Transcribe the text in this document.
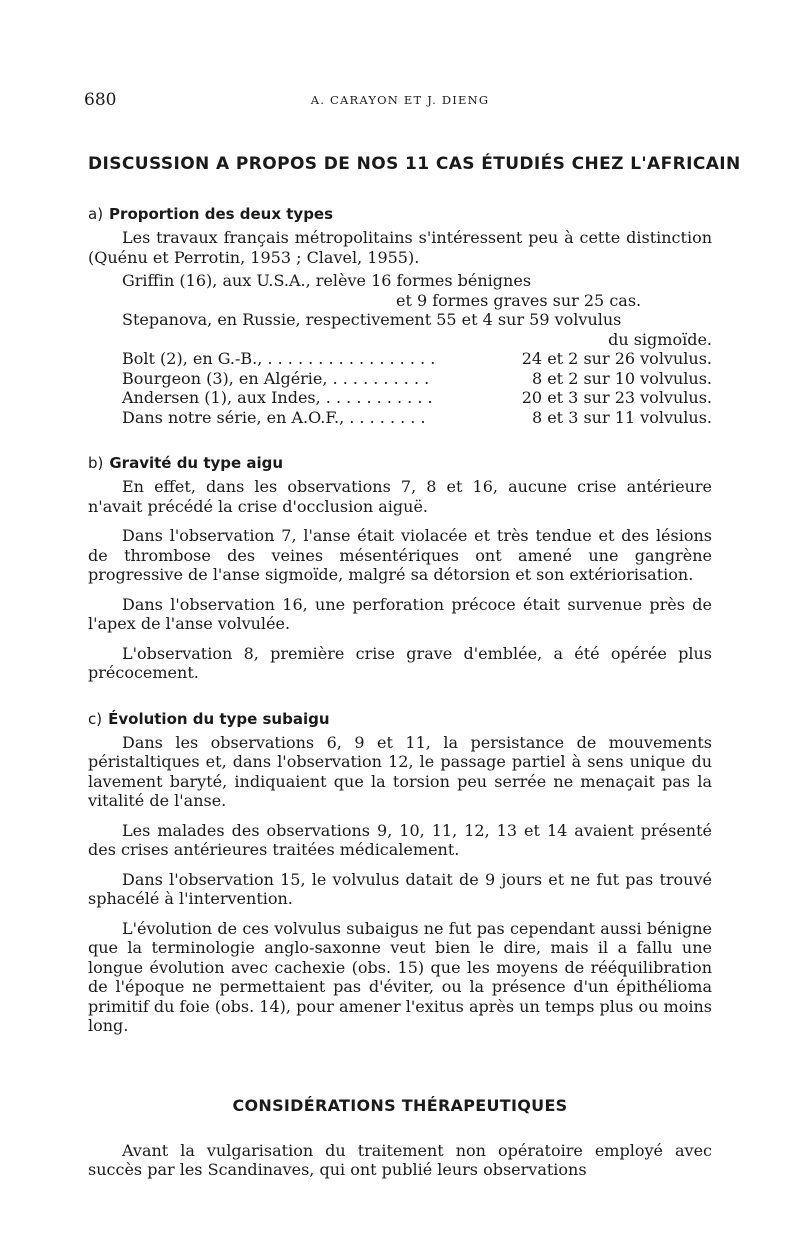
680	A. CARAYON ET J. DIENG
DISCUSSION A PROPOS DE NOS 11 CAS ÉTUDIÉS CHEZ L'AFRICAIN
a) Proportion des deux types

Les travaux français métropolitains s'intéressent peu à cette distinction (Quénu et Perrotin, 1953 ; Clavel, 1955).

Griffin (16), aux U.S.A., relève 16 formes bénignes
et 9 formes graves sur 25 cas.
Stepanova, en Russie, respectivement 55 et 4 sur 59 volvulus
du sigmoïde.
Bolt (2), en G.-B., . . . . . . . . . . . . . . . . .	24 et 2 sur 26 volvulus.
Bourgeon (3), en Algérie, . . . . . . . . . .	8 et 2 sur 10 volvulus.
Andersen (1), aux Indes, . . . . . . . . . . .	20 et 3 sur 23 volvulus.
Dans notre série, en A.O.F., . . . . . . . .	8 et 3 sur 11 volvulus.
b) Gravité du type aigu

En effet, dans les observations 7, 8 et 16, aucune crise antérieure n'avait précédé la crise d'occlusion aiguë.

Dans l'observation 7, l'anse était violacée et très tendue et des lésions de thrombose des veines mésentériques ont amené une gangrène progressive de l'anse sigmoïde, malgré sa détorsion et son extériorisation.

Dans l'observation 16, une perforation précoce était survenue près de l'apex de l'anse volvulée.

L'observation 8, première crise grave d'emblée, a été opérée plus précocement.

c) Évolution du type subaigu

Dans les observations 6, 9 et 11, la persistance de mouvements péristaltiques et, dans l'observation 12, le passage partiel à sens unique du lavement baryté, indiquaient que la torsion peu serrée ne menaçait pas la vitalité de l'anse.

Les malades des observations 9, 10, 11, 12, 13 et 14 avaient présenté des crises antérieures traitées médicalement.

Dans l'observation 15, le volvulus datait de 9 jours et ne fut pas trouvé sphacélé à l'intervention.

L'évolution de ces volvulus subaigus ne fut pas cependant aussi bénigne que la terminologie anglo-saxonne veut bien le dire, mais il a fallu une longue évolution avec cachexie (obs. 15) que les moyens de rééquilibration de l'époque ne permettaient pas d'éviter, ou la présence d'un épithélioma primitif du foie (obs. 14), pour amener l'exitus après un temps plus ou moins long.

CONSIDÉRATIONS THÉRAPEUTIQUES

Avant la vulgarisation du traitement non opératoire employé avec succès par les Scandinaves, qui ont publié leurs observations
